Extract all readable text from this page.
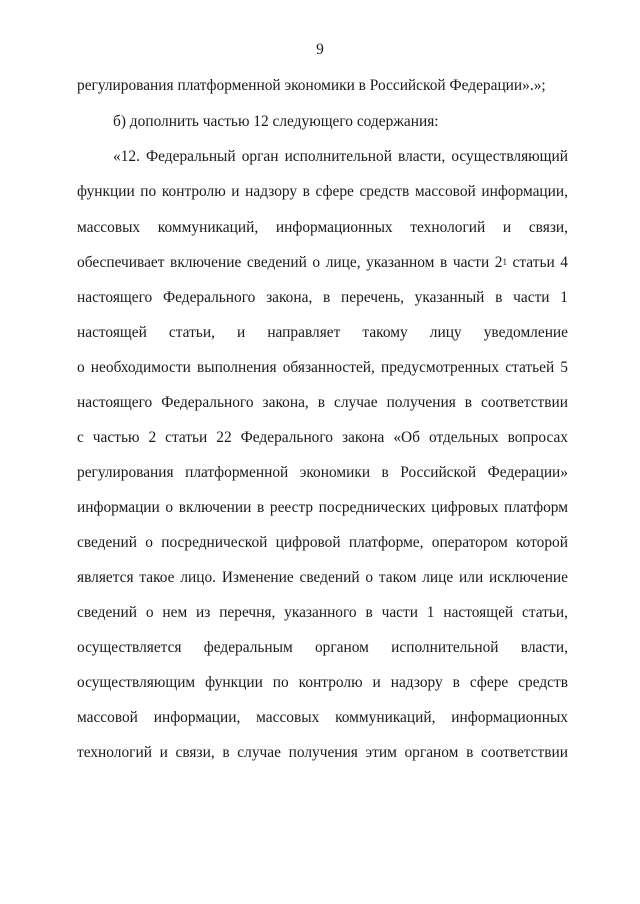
9
регулирования платформенной экономики в Российской Федерации».»;
б) дополнить частью 12 следующего содержания:
«12. Федеральный орган исполнительной власти, осуществляющий
функции по контролю и надзору в сфере средств массовой информации,
массовых коммуникаций, информационных технологий и связи,
обеспечивает включение сведений о лице, указанном в части $2^1$ статьи 4
настоящего Федерального закона, в перечень, указанный в части 1
настоящей статьи, и направляет такому лицу уведомление
о необходимости выполнения обязанностей, предусмотренных статьей 5
настоящего Федерального закона, в случае получения в соответствии
с частью 2 статьи 22 Федерального закона «Об отдельных вопросах
регулирования платформенной экономики в Российской Федерации»
информации о включении в реестр посреднических цифровых платформ
сведений о посреднической цифровой платформе, оператором которой
является такое лицо. Изменение сведений о таком лице или исключение
сведений о нем из перечня, указанного в части 1 настоящей статьи,
осуществляется федеральным органом исполнительной власти,
осуществляющим функции по контролю и надзору в сфере средств
массовой информации, массовых коммуникаций, информационных
технологий и связи, в случае получения этим органом в соответствии
